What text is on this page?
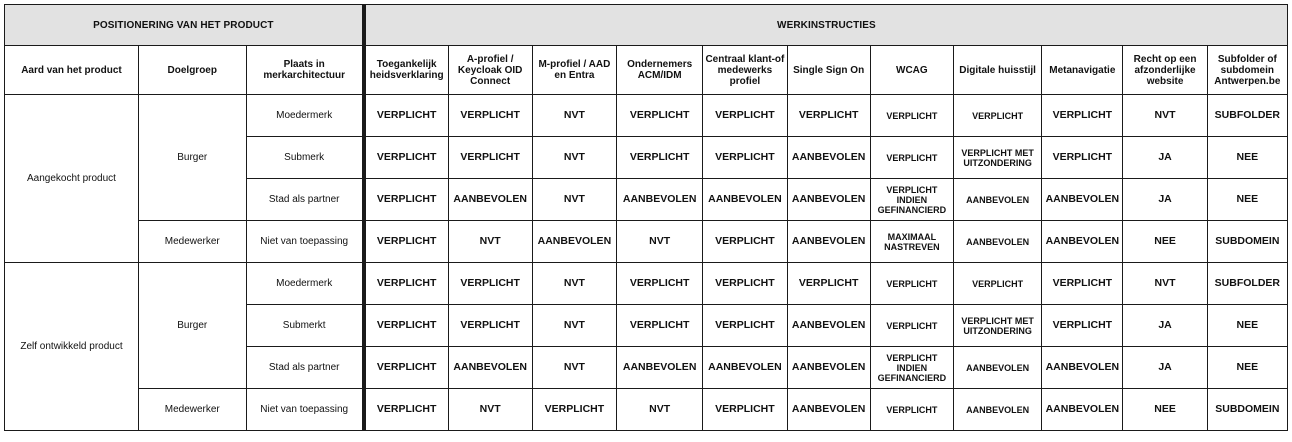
POSITIONERING VAN HET PRODUCT			WERKINSTRUCTIES										
Aard van het product	Doelgroep	Plaats in merkarchitectuur	Toegankelijk heidsverklaring	A-profiel / Keycloak OID Connect	M-profiel / AAD en Entra	Ondernemers ACM/IDM	Centraal klant-of medewerks profiel	Single Sign On	WCAG	Digitale huisstijl	Metanavigatie	Recht op een afzonderlijke website	Subfolder of subdomein Antwerpen.be
Aangekocht product	Burger	Moedermerk	VERPLICHT	VERPLICHT	NVT	VERPLICHT	VERPLICHT	VERPLICHT	VERPLICHT	VERPLICHT	VERPLICHT	NVT	SUBFOLDER
		Submerk	VERPLICHT	VERPLICHT	NVT	VERPLICHT	VERPLICHT	AANBEVOLEN	VERPLICHT	VERPLICHT MET UITZONDERING	VERPLICHT	JA	NEE
		Stad als partner	VERPLICHT	AANBEVOLEN	NVT	AANBEVOLEN	AANBEVOLEN	AANBEVOLEN	VERPLICHT INDIEN GEFINANCIERD	AANBEVOLEN	AANBEVOLEN	JA	NEE
	Medewerker	Niet van toepassing	VERPLICHT	NVT	AANBEVOLEN	NVT	VERPLICHT	AANBEVOLEN	MAXIMAAL NASTREVEN	AANBEVOLEN	AANBEVOLEN	NEE	SUBDOMEIN
Zelf ontwikkeld product	Burger	Moedermerk	VERPLICHT	VERPLICHT	NVT	VERPLICHT	VERPLICHT	VERPLICHT	VERPLICHT	VERPLICHT	VERPLICHT	NVT	SUBFOLDER
		Submerkt	VERPLICHT	VERPLICHT	NVT	VERPLICHT	VERPLICHT	AANBEVOLEN	VERPLICHT	VERPLICHT MET UITZONDERING	VERPLICHT	JA	NEE
		Stad als partner	VERPLICHT	AANBEVOLEN	NVT	AANBEVOLEN	AANBEVOLEN	AANBEVOLEN	VERPLICHT INDIEN GEFINANCIERD	AANBEVOLEN	AANBEVOLEN	JA	NEE
	Medewerker	Niet van toepassing	VERPLICHT	NVT	VERPLICHT	NVT	VERPLICHT	AANBEVOLEN	VERPLICHT	AANBEVOLEN	AANBEVOLEN	NEE	SUBDOMEIN
